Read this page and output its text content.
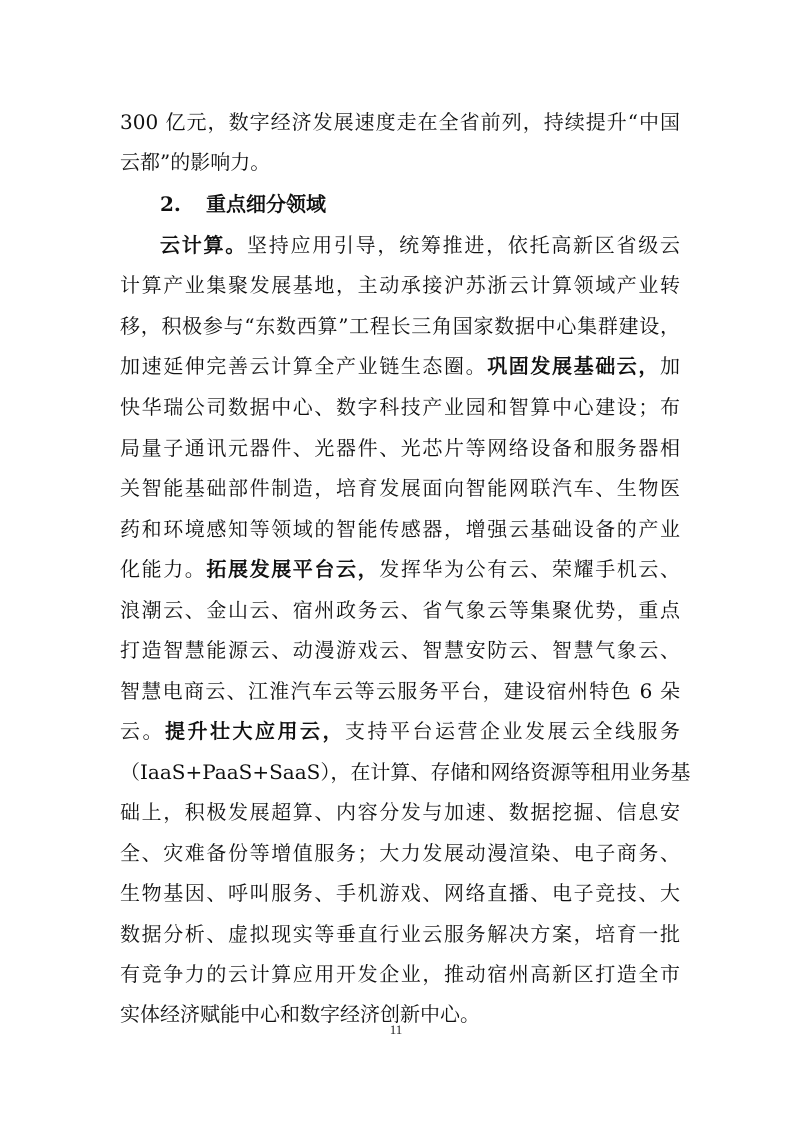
300 亿元，数字经济发展速度走在全省前列，持续提升“中国
云都”的影响力。
2. 重点细分领域
云计算。坚持应用引导，统筹推进，依托高新区省级云
计算产业集聚发展基地，主动承接沪苏浙云计算领域产业转
移，积极参与“东数西算”工程长三角国家数据中心集群建设，
加速延伸完善云计算全产业链生态圈。巩固发展基础云，加
快华瑞公司数据中心、数字科技产业园和智算中心建设；布
局量子通讯元器件、光器件、光芯片等网络设备和服务器相
关智能基础部件制造，培育发展面向智能网联汽车、生物医
药和环境感知等领域的智能传感器，增强云基础设备的产业
化能力。拓展发展平台云，发挥华为公有云、荣耀手机云、
浪潮云、金山云、宿州政务云、省气象云等集聚优势，重点
打造智慧能源云、动漫游戏云、智慧安防云、智慧气象云、
智慧电商云、江淮汽车云等云服务平台，建设宿州特色 6 朵
云。提升壮大应用云，支持平台运营企业发展云全线服务
（IaaS+PaaS+SaaS），在计算、存储和网络资源等租用业务基
础上，积极发展超算、内容分发与加速、数据挖掘、信息安
全、灾难备份等增值服务；大力发展动漫渲染、电子商务、
生物基因、呼叫服务、手机游戏、网络直播、电子竞技、大
数据分析、虚拟现实等垂直行业云服务解决方案，培育一批
有竞争力的云计算应用开发企业，推动宿州高新区打造全市
实体经济赋能中心和数字经济创新中心。
11
